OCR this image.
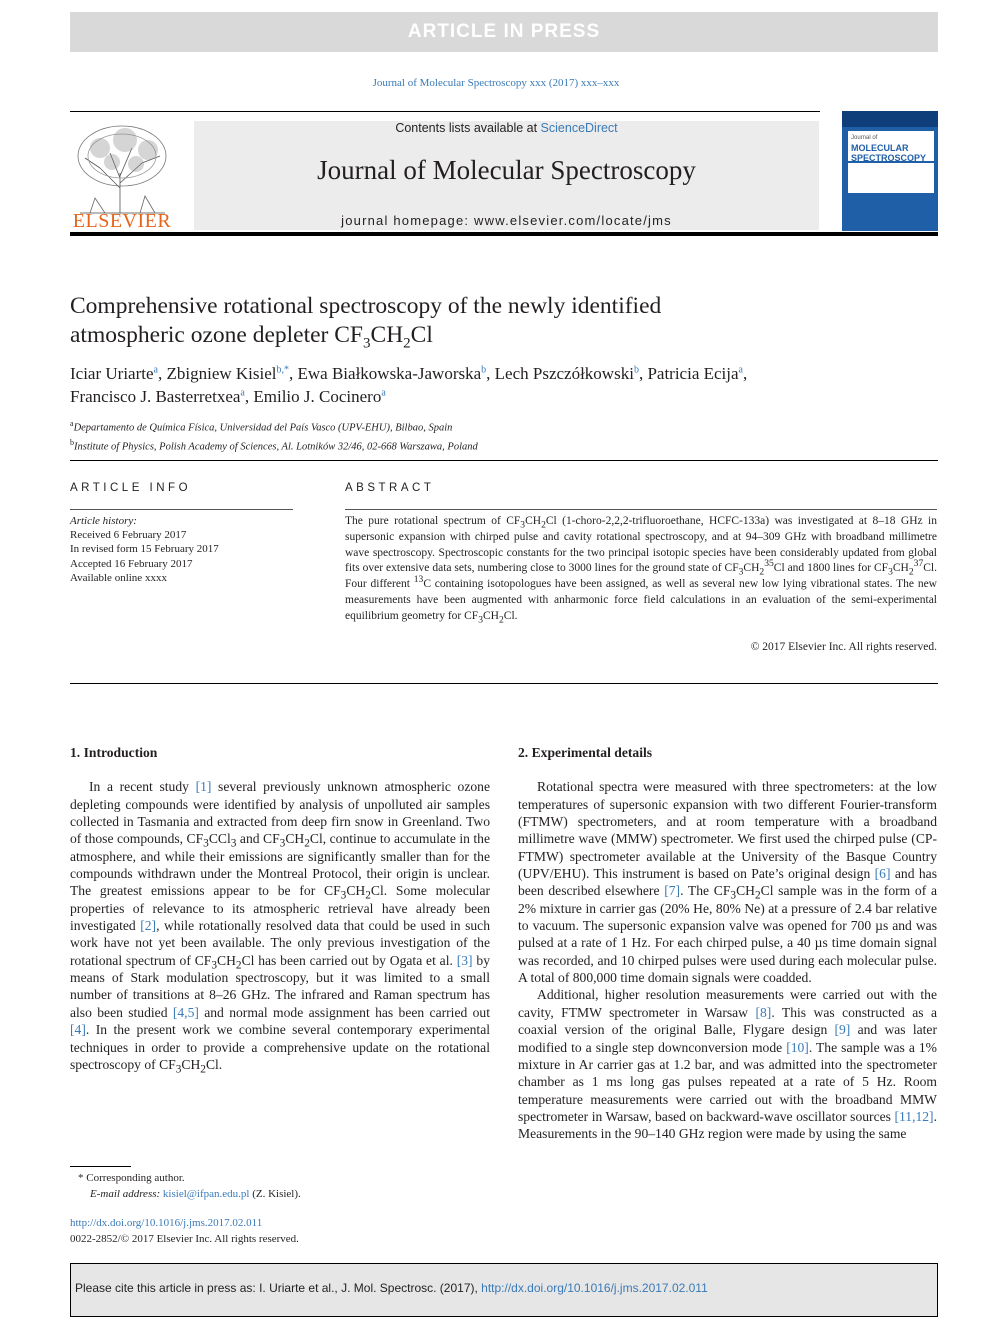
ARTICLE IN PRESS
Journal of Molecular Spectroscopy xxx (2017) xxx–xxx
ELSEVIER
Contents lists available at ScienceDirect
Journal of Molecular Spectroscopy
journal homepage: www.elsevier.com/locate/jms
Journal of
MOLECULAR SPECTROSCOPY
Comprehensive rotational spectroscopy of the newly identified
atmospheric ozone depleter $CF_3CH_2Cl$
Iciar Uriarte$^a$, Zbigniew Kisiel$^{b,*}$, Ewa Białkowska-Jaworska$^b$, Lech Pszczółkowski$^b$, Patricia Ecija$^a$,
Francisco J. Basterretxea$^a$, Emilio J. Cocinero$^a$
$^a$Departamento de Química Física, Universidad del País Vasco (UPV-EHU), Bilbao, Spain
$^b$Institute of Physics, Polish Academy of Sciences, Al. Lotników 32/46, 02-668 Warszawa, Poland
ARTICLE INFO
Article history:
Received 6 February 2017
In revised form 15 February 2017
Accepted 16 February 2017
Available online xxxx
ABSTRACT
The pure rotational spectrum of $CF_3CH_2Cl$ (1-choro-2,2,2-trifluoroethane, HCFC-133a) was investigated at 8–18 GHz in supersonic expansion with chirped pulse and cavity rotational spectroscopy, and at 94–309 GHz with broadband millimetre wave spectroscopy. Spectroscopic constants for the two principal isotopic species have been considerably updated from global fits over extensive data sets, numbering close to 3000 lines for the ground state of $CF_3CH_2^{35}Cl$ and 1800 lines for $CF_3CH_2^{37}Cl$. Four different $^{13}$C containing isotopologues have been assigned, as well as several new low lying vibrational states. The new measurements have been augmented with anharmonic force field calculations in an evaluation of the semi-experimental equilibrium geometry for $CF_3CH_2Cl$.
© 2017 Elsevier Inc. All rights reserved.
1. Introduction

In a recent study [1] several previously unknown atmospheric ozone depleting compounds were identified by analysis of unpolluted air samples collected in Tasmania and extracted from deep firn snow in Greenland. Two of those compounds, $CF_3CCl_3$ and $CF_3CH_2Cl$, continue to accumulate in the atmosphere, and while their emissions are significantly smaller than for the compounds withdrawn under the Montreal Protocol, their origin is unclear. The greatest emissions appear to be for $CF_3CH_2Cl$. Some molecular properties of relevance to its atmospheric retrieval have already been investigated [2], while rotationally resolved data that could be used in such work have not yet been available. The only previous investigation of the rotational spectrum of $CF_3CH_2Cl$ has been carried out by Ogata et al. [3] by means of Stark modulation spectroscopy, but it was limited to a small number of transitions at 8–26 GHz. The infrared and Raman spectrum has also been studied [4,5] and normal mode assignment has been carried out [4]. In the present work we combine several contemporary experimental techniques in order to provide a comprehensive update on the rotational spectroscopy of $CF_3CH_2Cl$.

* Corresponding author.
E-mail address: kisiel@ifpan.edu.pl (Z. Kisiel).
http://dx.doi.org/10.1016/j.jms.2017.02.011
0022-2852/© 2017 Elsevier Inc. All rights reserved.
2. Experimental details

Rotational spectra were measured with three spectrometers: at the low temperatures of supersonic expansion with two different Fourier-transform (FTMW) spectrometers, and at room temperature with a broadband millimetre wave (MMW) spectrometer. We first used the chirped pulse (CP-FTMW) spectrometer available at the University of the Basque Country (UPV/EHU). This instrument is based on Pate’s original design [6] and has been described elsewhere [7]. The $CF_3CH_2Cl$ sample was in the form of a 2% mixture in carrier gas (20% He, 80% Ne) at a pressure of 2.4 bar relative to vacuum. The supersonic expansion valve was opened for 700 µs and was pulsed at a rate of 1 Hz. For each chirped pulse, a 40 µs time domain signal was recorded, and 10 chirped pulses were used during each molecular pulse. A total of 800,000 time domain signals were coadded.

Additional, higher resolution measurements were carried out with the cavity, FTMW spectrometer in Warsaw [8]. This was constructed as a coaxial version of the original Balle, Flygare design [9] and was later modified to a single step downconversion mode [10]. The sample was a 1% mixture in Ar carrier gas at 1.2 bar, and was admitted into the spectrometer chamber as 1 ms long gas pulses repeated at a rate of 5 Hz. Room temperature measurements were carried out with the broadband MMW spectrometer in Warsaw, based on backward-wave oscillator sources [11,12]. Measurements in the 90–140 GHz region were made by using the same

Please cite this article in press as: I. Uriarte et al., J. Mol. Spectrosc. (2017), http://dx.doi.org/10.1016/j.jms.2017.02.011
